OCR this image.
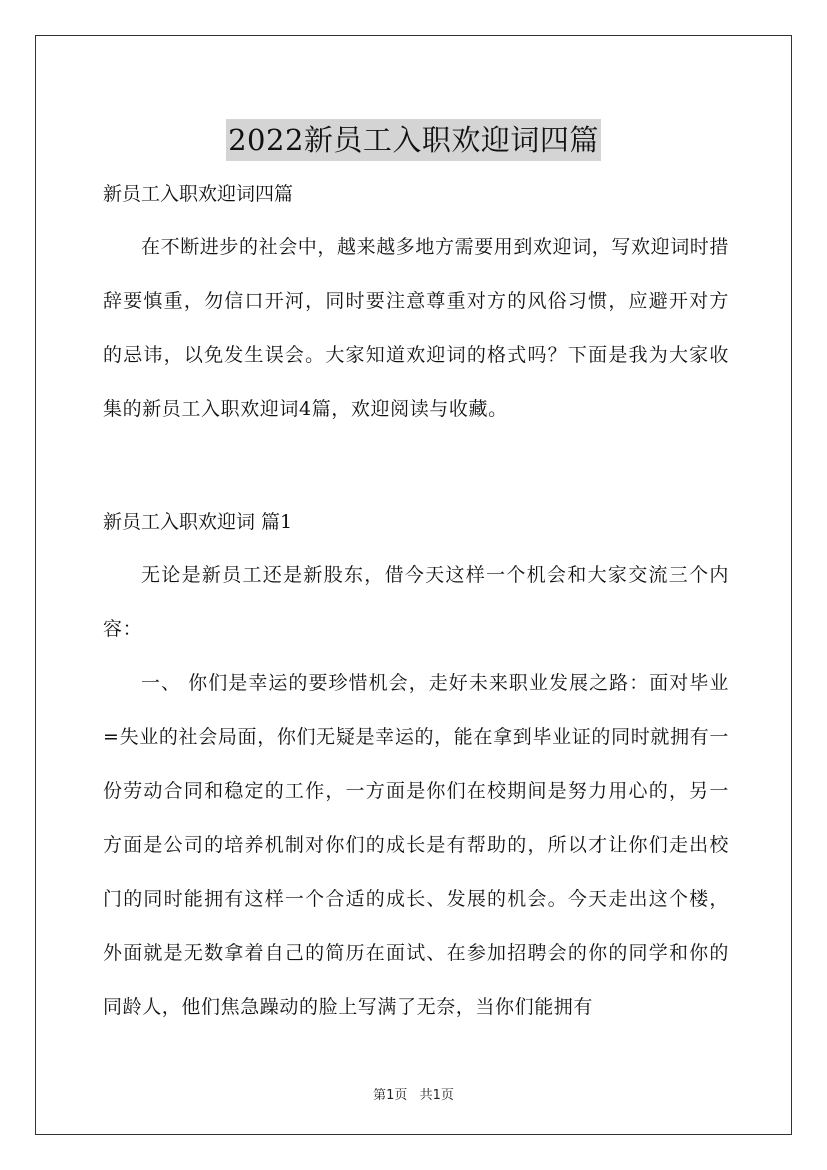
2022新员工入职欢迎词四篇

新员工入职欢迎词四篇

在不断进步的社会中，越来越多地方需要用到欢迎词，写欢迎词时措辞要慎重，勿信口开河，同时要注意尊重对方的风俗习惯，应避开对方的忌讳，以免发生误会。大家知道欢迎词的格式吗？下面是我为大家收集的新员工入职欢迎词4篇，欢迎阅读与收藏。

新员工入职欢迎词 篇1

无论是新员工还是新股东，借今天这样一个机会和大家交流三个内容：

一、 你们是幸运的要珍惜机会，走好未来职业发展之路：面对毕业=失业的社会局面，你们无疑是幸运的，能在拿到毕业证的同时就拥有一份劳动合同和稳定的工作，一方面是你们在校期间是努力用心的，另一方面是公司的培养机制对你们的成长是有帮助的，所以才让你们走出校门的同时能拥有这样一个合适的成长、发展的机会。今天走出这个楼，外面就是无数拿着自己的简历在面试、在参加招聘会的你的同学和你的同龄人，他们焦急躁动的脸上写满了无奈，当你们能拥有

第1页 共1页
